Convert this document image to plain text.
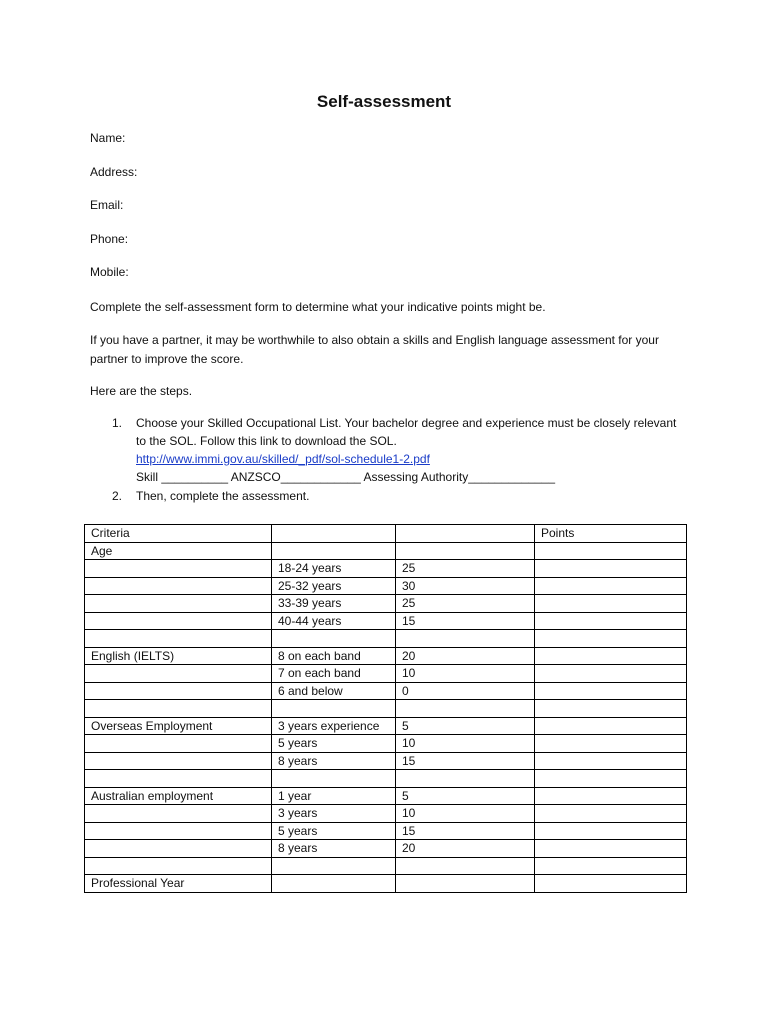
Self-assessment
Name:
Address:
Email:
Phone:
Mobile:

Complete the self-assessment form to determine what your indicative points might be.

If you have a partner, it may be worthwhile to also obtain a skills and English language assessment for your partner to improve the score.

Here are the steps.

1. Choose your Skilled Occupational List. Your bachelor degree and experience must be closely relevant to the SOL. Follow this link to download the SOL.
http://www.immi.gov.au/skilled/_pdf/sol-schedule1-2.pdf
Skill __________ ANZSCO____________ Assessing Authority_____________
2. Then, complete the assessment.
Criteria			Points
Age			
	18-24 years	25	
	25-32 years	30	
	33-39 years	25	
	40-44 years	15	

English (IELTS)	8 on each band	20	
	7 on each band	10	
	6 and below	0	

Overseas Employment	3 years experience	5	
	5 years	10	
	8 years	15	

Australian employment	1 year	5	
	3 years	10	
	5 years	15	
	8 years	20	

Professional Year			
